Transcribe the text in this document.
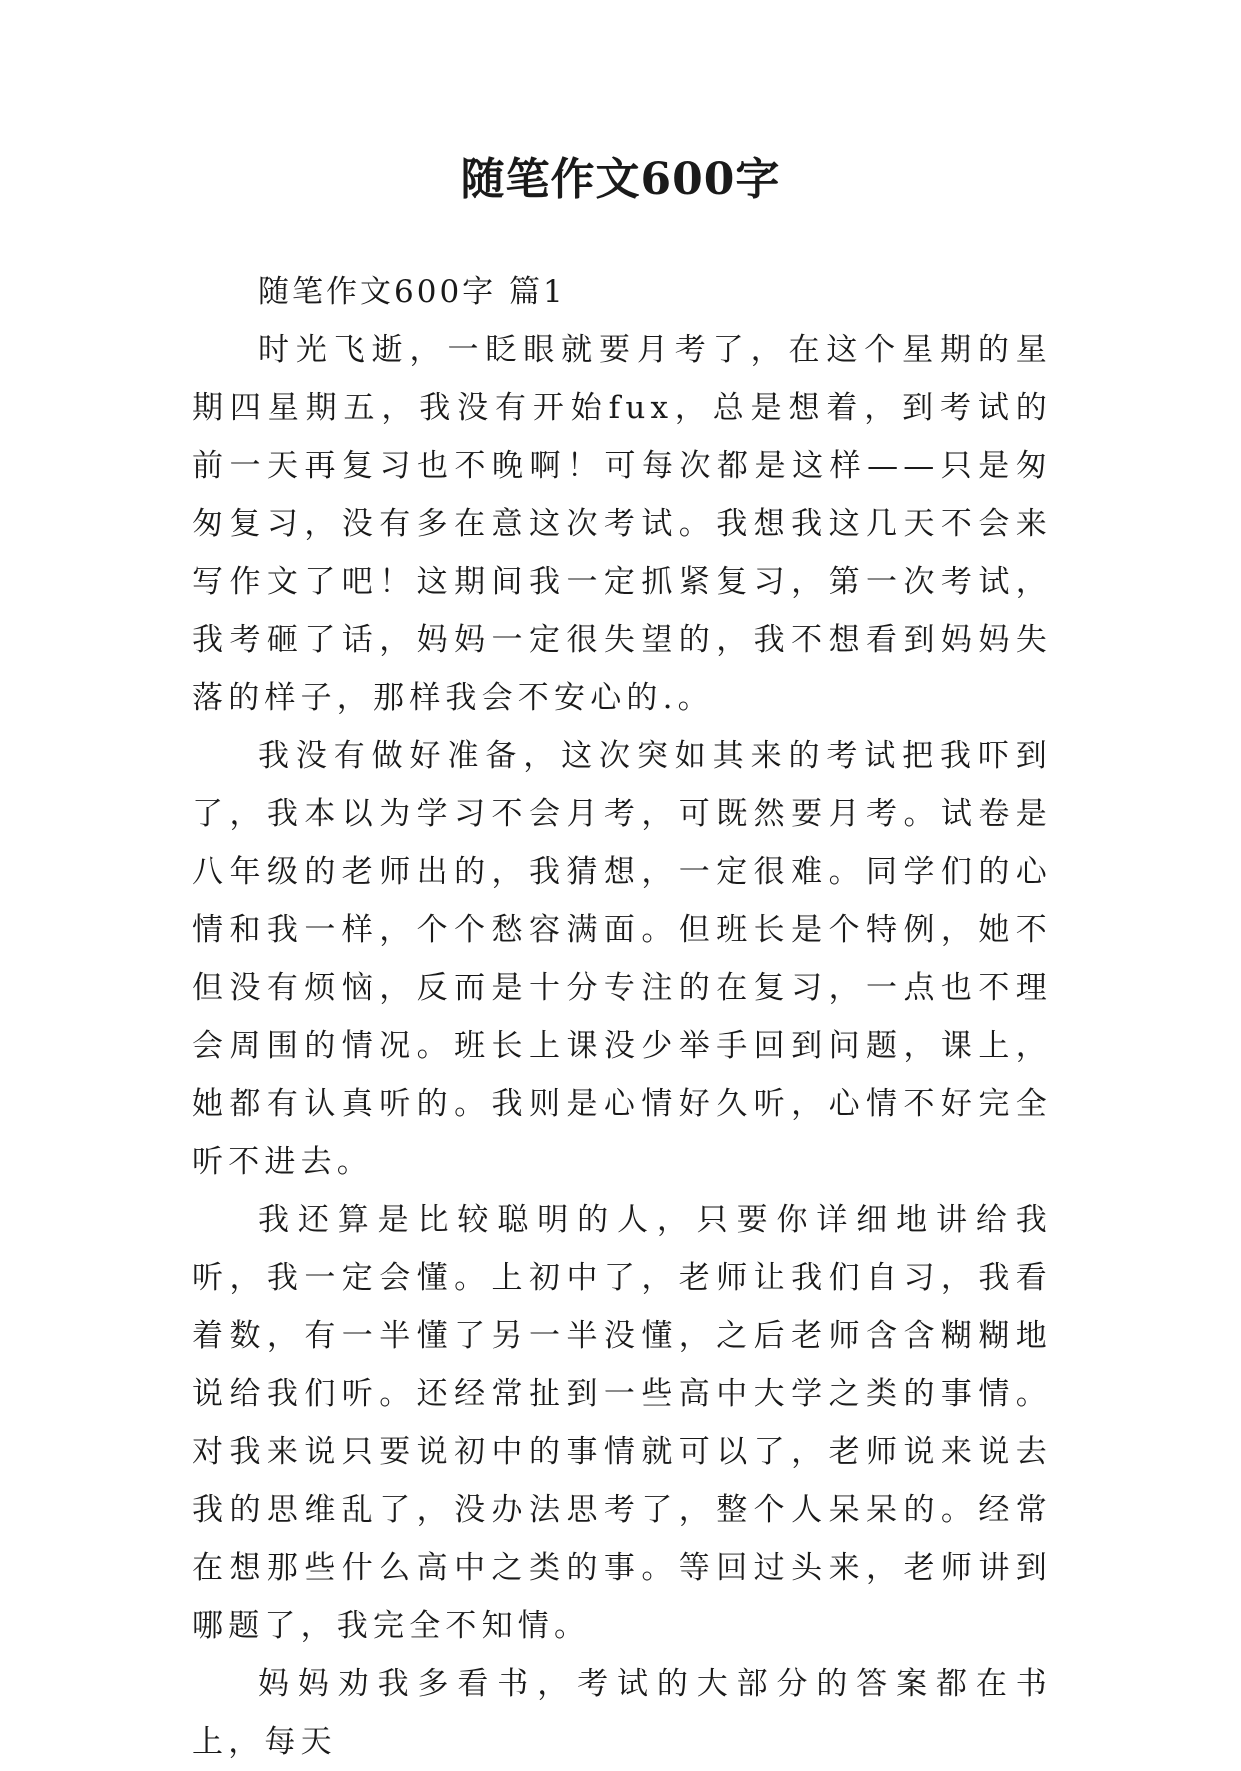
随笔作文600字

随笔作文600字 篇1

时光飞逝，一眨眼就要月考了，在这个星期的星期四星期五，我没有开始fux，总是想着，到考试的前一天再复习也不晚啊！可每次都是这样——只是匆匆复习，没有多在意这次考试。我想我这几天不会来写作文了吧！这期间我一定抓紧复习，第一次考试，我考砸了话，妈妈一定很失望的，我不想看到妈妈失落的样子，那样我会不安心的.。

我没有做好准备，这次突如其来的考试把我吓到了，我本以为学习不会月考，可既然要月考。试卷是八年级的老师出的，我猜想，一定很难。同学们的心情和我一样，个个愁容满面。但班长是个特例，她不但没有烦恼，反而是十分专注的在复习，一点也不理会周围的情况。班长上课没少举手回到问题，课上，她都有认真听的。我则是心情好久听，心情不好完全听不进去。

我还算是比较聪明的人，只要你详细地讲给我听，我一定会懂。上初中了，老师让我们自习，我看着数，有一半懂了另一半没懂，之后老师含含糊糊地说给我们听。还经常扯到一些高中大学之类的事情。对我来说只要说初中的事情就可以了，老师说来说去我的思维乱了，没办法思考了，整个人呆呆的。经常在想那些什么高中之类的事。等回过头来，老师讲到哪题了，我完全不知情。

妈妈劝我多看书，考试的大部分的答案都在书上，每天
